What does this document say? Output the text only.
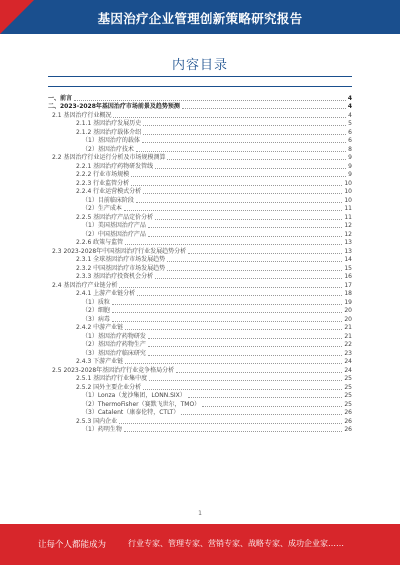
基因治疗企业管理创新策略研究报告
内容目录
一、前言	4
二、2023-2028年基因治疗市场前景及趋势预测	4
2.1 基因治疗行业概况	4
2.1.1 基因治疗发展历史	5
2.1.2 基因治疗载体介绍	6
（1）基因治疗的载体	6
（2）基因治疗技术	8
2.2 基因治疗行业运行分析及市场规模测算	9
2.2.1 基因治疗药物研发管线	9
2.2.2 行业市场规模	9
2.2.3 行业监管分析	10
2.2.4 行业运营模式分析	10
（1）目前临床阶段	10
（2）生产成本	11
2.2.5 基因治疗产品定价分析	11
（1）美国基因治疗产品	12
（2）中国基因治疗产品	12
2.2.6 政策与监管	13
2.3 2023-2028年中国基因治疗行业发展趋势分析	13
2.3.1 全球基因治疗市场发展趋势	14
2.3.2 中国基因治疗市场发展趋势	15
2.3.3 基因治疗投资机会分析	16
2.4 基因治疗产业链分析	17
2.4.1 上游产业链分析	18
（1）质粒	19
（2）细胞	20
（3）病毒	20
2.4.2 中游产业链	21
（1）基因治疗药物研发	21
（2）基因治疗药物生产	22
（3）基因治疗临床研究	23
2.4.3 下游产业链	24
2.5 2023-2028年基因治疗行业竞争格局分析	24
2.5.1 基因治疗行业集中度	25
2.5.2 国外主要企业分析	25
（1）Lonza（龙沙集团，LONN.SIX）	25
（2）ThermoFisher（赛默飞世尔，TMO）	25
（3）Catalent（康泰伦特，CTLT）	26
2.5.3 国内企业	26
（1）药明生物	26
1
让每个人都能成为	行业专家、管理专家、营销专家、战略专家、成功企业家……
